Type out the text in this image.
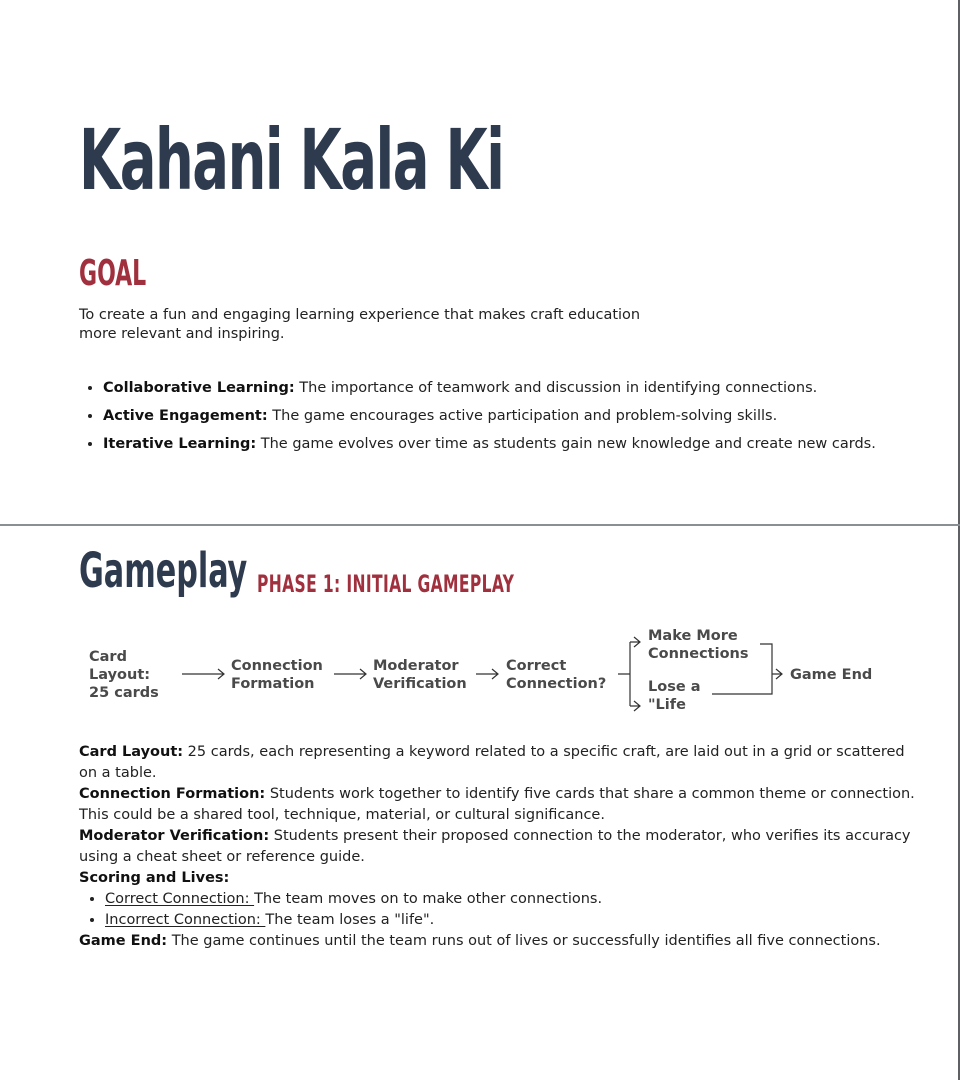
Kahani Kala Ki
GOAL

To create a fun and engaging learning experience that makes craft education more relevant and inspiring.

• Collaborative Learning: The importance of teamwork and discussion in identifying connections.
• Active Engagement: The game encourages active participation and problem-solving skills.
• Iterative Learning: The game evolves over time as students gain new knowledge and create new cards.
Gameplay PHASE 1: INITIAL GAMEPLAY

Card Layout: 25 cards

Connection Formation

Moderator Verification

Correct Connection?

Make More Connections

Lose a "Life

Game End

Card Layout: 25 cards, each representing a keyword related to a specific craft, are laid out in a grid or scattered on a table.

Connection Formation: Students work together to identify five cards that share a common theme or connection. This could be a shared tool, technique, material, or cultural significance.

Moderator Verification: Students present their proposed connection to the moderator, who verifies its accuracy using a cheat sheet or reference guide.

Scoring and Lives:

• Correct Connection: The team moves on to make other connections.
• Incorrect Connection: The team loses a "life".

Game End: The game continues until the team runs out of lives or successfully identifies all five connections.
